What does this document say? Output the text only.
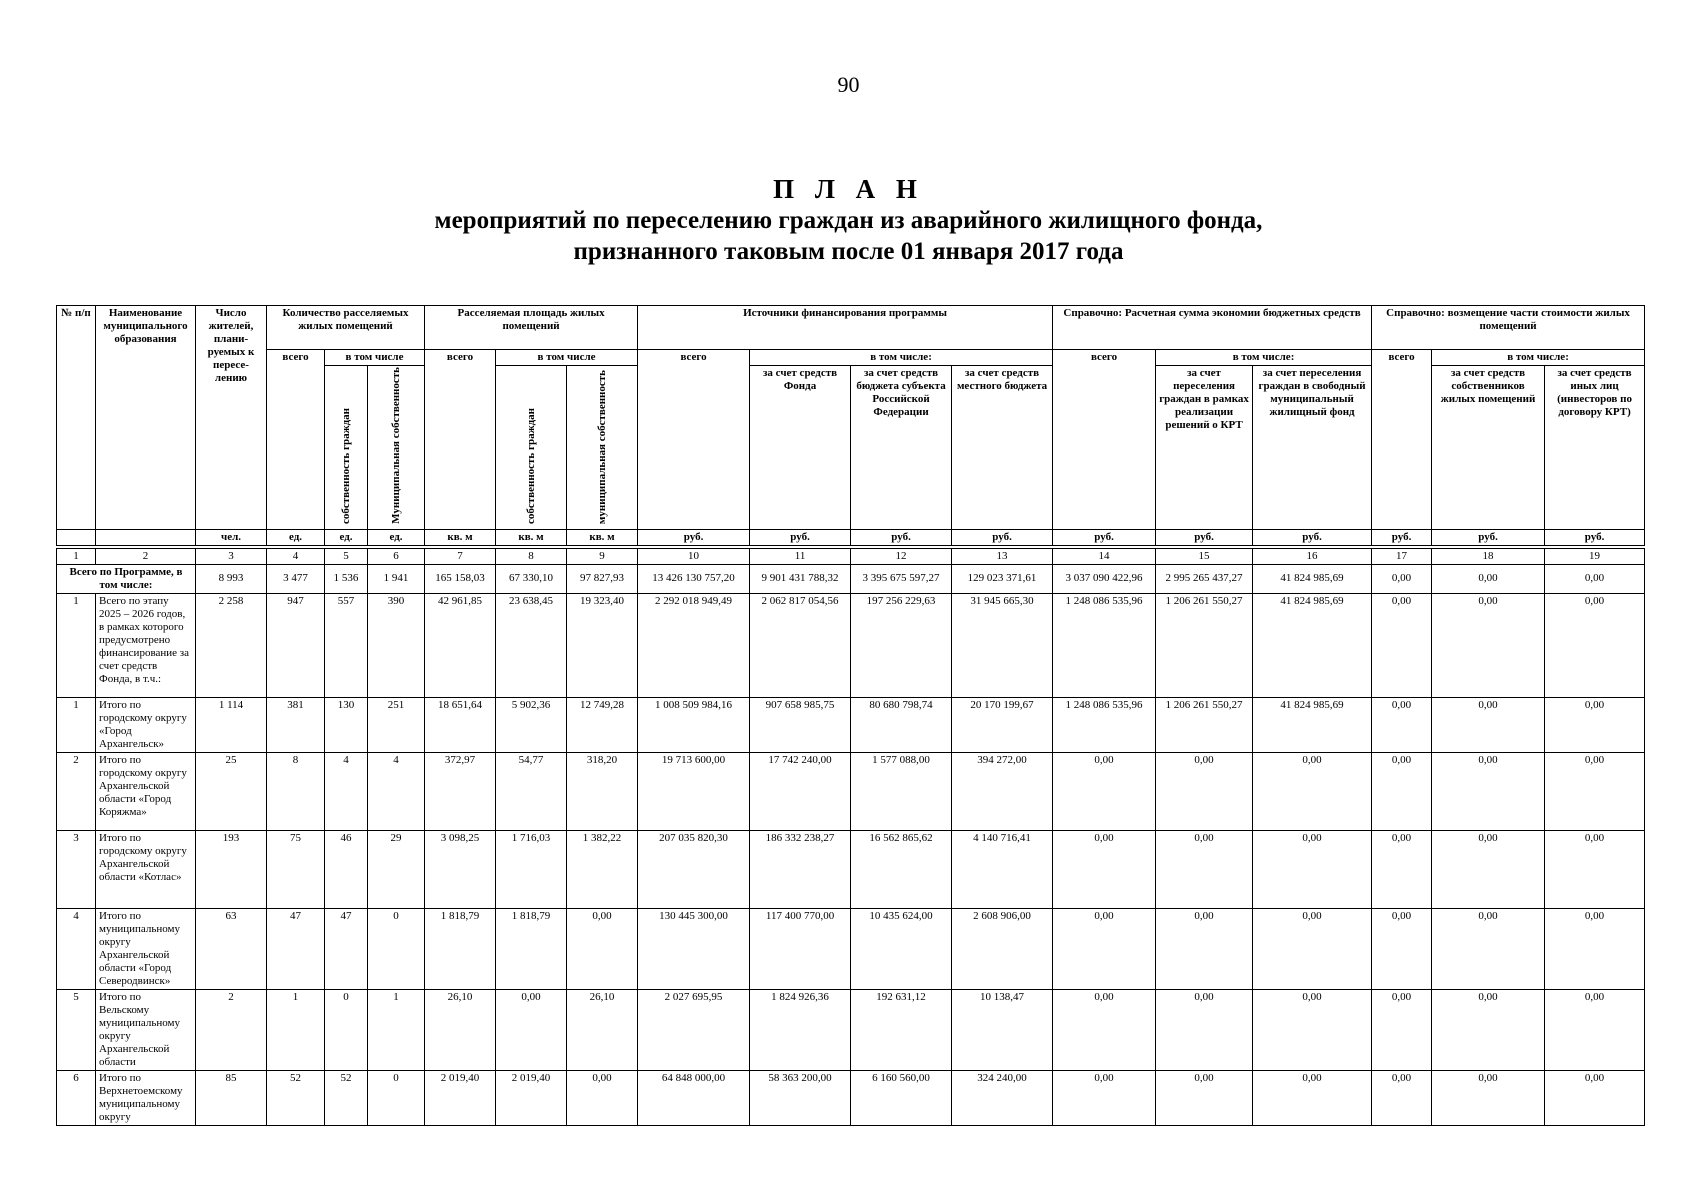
90
П Л А Н
мероприятий по переселению граждан из аварийного жилищного фонда,
признанного таковым после 01 января 2017 года
№ п/п	Наименование муниципального образования	Число жителей, плани-руемых к пересе-лению	Количество расселяемых жилых помещений			Расселяемая площадь жилых помещений			Источники финансирования программы				Справочно: Расчетная сумма экономии бюджетных средств			Справочно: возмещение части стоимости жилых помещений		
			всего	в том числе		всего	в том числе		всего	в том числе:			всего	в том числе:		всего	в том числе:	
				собственность граждан	Муниципальная собственность		собственность граждан	муниципальная собственность		за счет средств Фонда	за счет средств бюджета субъекта Российской Федерации	за счет средств местного бюджета		за счет переселения граждан в рамках реализации решений о КРТ	за счет переселения граждан в свободный муниципальный жилищный фонд		за счет средств собственников жилых помещений	за счет средств иных лиц (инвесторов по договору КРТ)
		чел.	ед.	ед.	ед.	кв. м	кв. м	кв. м	руб.	руб.	руб.	руб.	руб.	руб.	руб.	руб.	руб.	руб.

1	2	3	4	5	6	7	8	9	10	11	12	13	14	15	16	17	18	19
Всего по Программе, в том числе:		8 993	3 477	1 536	1 941	165 158,03	67 330,10	97 827,93	13 426 130 757,20	9 901 431 788,32	3 395 675 597,27	129 023 371,61	3 037 090 422,96	2 995 265 437,27	41 824 985,69	0,00	0,00	0,00
1	Всего по этапу 2025 – 2026 годов, в рамках которого предусмотрено финансирование за счет средств Фонда, в т.ч.:	2 258	947	557	390	42 961,85	23 638,45	19 323,40	2 292 018 949,49	2 062 817 054,56	197 256 229,63	31 945 665,30	1 248 086 535,96	1 206 261 550,27	41 824 985,69	0,00	0,00	0,00
1	Итого по городскому округу «Город Архангельск»	1 114	381	130	251	18 651,64	5 902,36	12 749,28	1 008 509 984,16	907 658 985,75	80 680 798,74	20 170 199,67	1 248 086 535,96	1 206 261 550,27	41 824 985,69	0,00	0,00	0,00
2	Итого по городскому округу Архангельской области «Город Коряжма»	25	8	4	4	372,97	54,77	318,20	19 713 600,00	17 742 240,00	1 577 088,00	394 272,00	0,00	0,00	0,00	0,00	0,00	0,00
3	Итого по городскому округу Архангельской области «Котлас»	193	75	46	29	3 098,25	1 716,03	1 382,22	207 035 820,30	186 332 238,27	16 562 865,62	4 140 716,41	0,00	0,00	0,00	0,00	0,00	0,00
4	Итого по муниципальному округу Архангельской области «Город Северодвинск»	63	47	47	0	1 818,79	1 818,79	0,00	130 445 300,00	117 400 770,00	10 435 624,00	2 608 906,00	0,00	0,00	0,00	0,00	0,00	0,00
5	Итого по Вельскому муниципальному округу Архангельской области	2	1	0	1	26,10	0,00	26,10	2 027 695,95	1 824 926,36	192 631,12	10 138,47	0,00	0,00	0,00	0,00	0,00	0,00
6	Итого по Верхнетоемскому муниципальному округу	85	52	52	0	2 019,40	2 019,40	0,00	64 848 000,00	58 363 200,00	6 160 560,00	324 240,00	0,00	0,00	0,00	0,00	0,00	0,00
